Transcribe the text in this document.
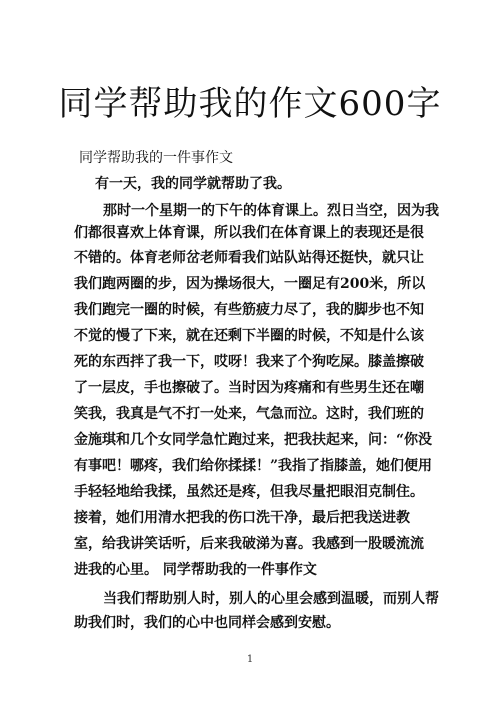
同学帮助我的作文600字
同学帮助我的一件事作文
有一天，我的同学就帮助了我。
那时一个星期一的下午的体育课上。烈日当空，因为我
们都很喜欢上体育课，所以我们在体育课上的表现还是很
不错的。体育老师岔老师看我们站队站得还挺快，就只让
我们跑两圈的步，因为操场很大，一圈足有200米，所以
我们跑完一圈的时候，有些筋疲力尽了，我的脚步也不知
不觉的慢了下来，就在还剩下半圈的时候，不知是什么该
死的东西拌了我一下，哎呀！我来了个狗吃屎。膝盖擦破
了一层皮，手也擦破了。当时因为疼痛和有些男生还在嘲
笑我，我真是气不打一处来，气急而泣。这时，我们班的
金施琪和几个女同学急忙跑过来，把我扶起来，问：“你没
有事吧！哪疼，我们给你揉揉！”我指了指膝盖，她们便用
手轻轻地给我揉，虽然还是疼，但我尽量把眼泪克制住。
接着，她们用清水把我的伤口洗干净，最后把我送进教
室，给我讲笑话听，后来我破涕为喜。我感到一股暖流流
进我的心里。 同学帮助我的一件事作文
当我们帮助别人时，别人的心里会感到温暖，而别人帮
助我们时，我们的心中也同样会感到安慰。
1
